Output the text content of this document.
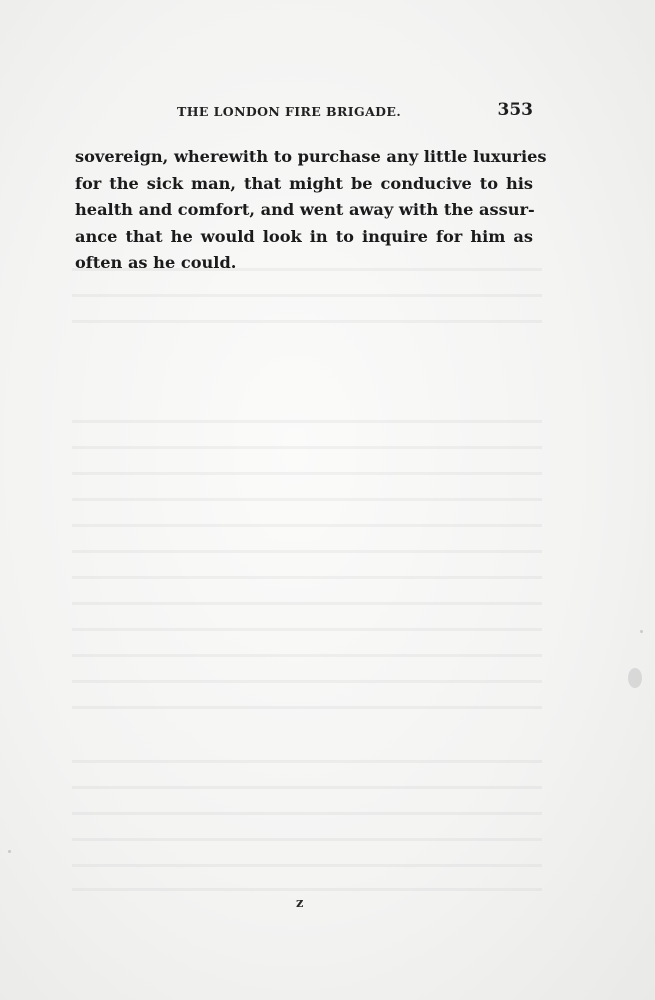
THE LONDON FIRE BRIGADE.	353
sovereign, wherewith to purchase any little luxuries
for the sick man, that might be conducive to his
health and comfort, and went away with the assur-
ance that he would look in to inquire for him as
often as he could.
z
